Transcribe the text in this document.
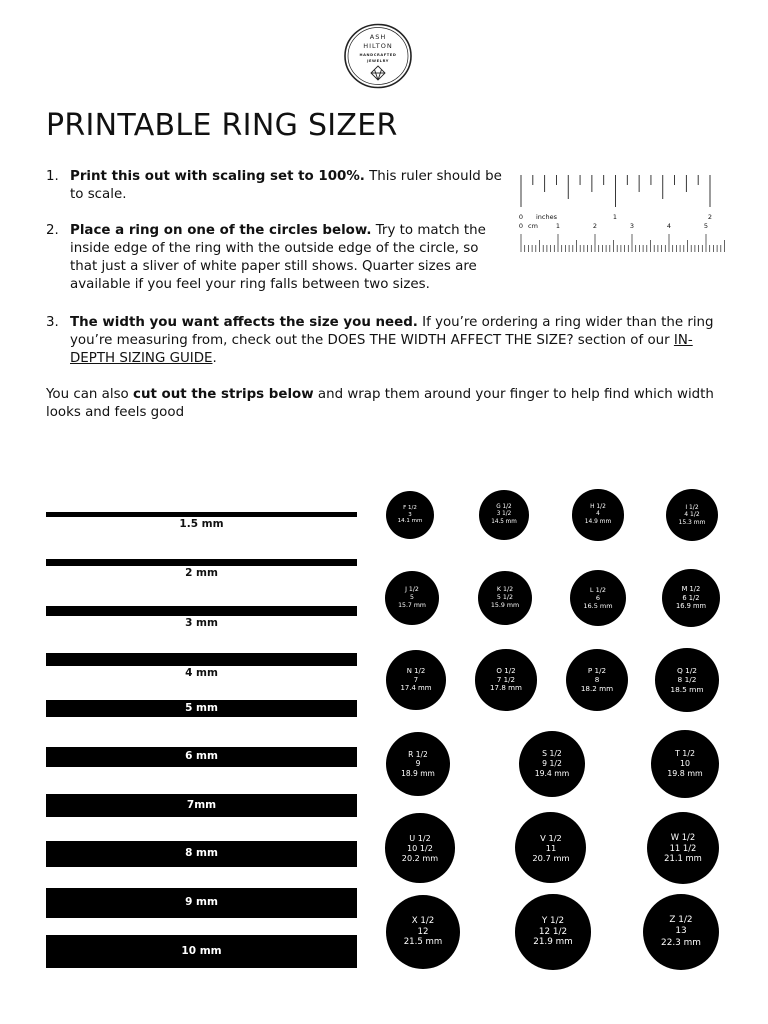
ASH
HILTON
HANDCRAFTED
JEWELRY
PRINTABLE RING SIZER
1. Print this out with scaling set to 100%. This ruler should be to scale.
2. Place a ring on one of the circles below. Try to match the inside edge of the ring with the outside edge of the circle, so that just a sliver of white paper still shows. Quarter sizes are available if you feel your ring falls between two sizes.
3. The width you want affects the size you need. If you’re ordering a ring wider than the ring you’re measuring from, check out the DOES THE WIDTH AFFECT THE SIZE? section of our IN-DEPTH SIZING GUIDE.
You can also cut out the strips below and wrap them around your finger to help find which width looks and feels good
0 inches	1	2
0 cm	1	2	3	4	5
1.5 mm
2 mm
3 mm
4 mm
5 mm
6 mm
7mm
8 mm
9 mm
10 mm
F 1/2
3
14.1 mm
G 1/2
3 1/2
14.5 mm
H 1/2
4
14.9 mm
I 1/2
4 1/2
15.3 mm
J 1/2
5
15.7 mm
K 1/2
5 1/2
15.9 mm
L 1/2
6
16.5 mm
M 1/2
6 1/2
16.9 mm
N 1/2
7
17.4 mm
O 1/2
7 1/2
17.8 mm
P 1/2
8
18.2 mm
Q 1/2
8 1/2
18.5 mm
R 1/2
9
18.9 mm
S 1/2
9 1/2
19.4 mm
T 1/2
10
19.8 mm
U 1/2
10 1/2
20.2 mm
V 1/2
11
20.7 mm
W 1/2
11 1/2
21.1 mm
X 1/2
12
21.5 mm
Y 1/2
12 1/2
21.9 mm
Z 1/2
13
22.3 mm
